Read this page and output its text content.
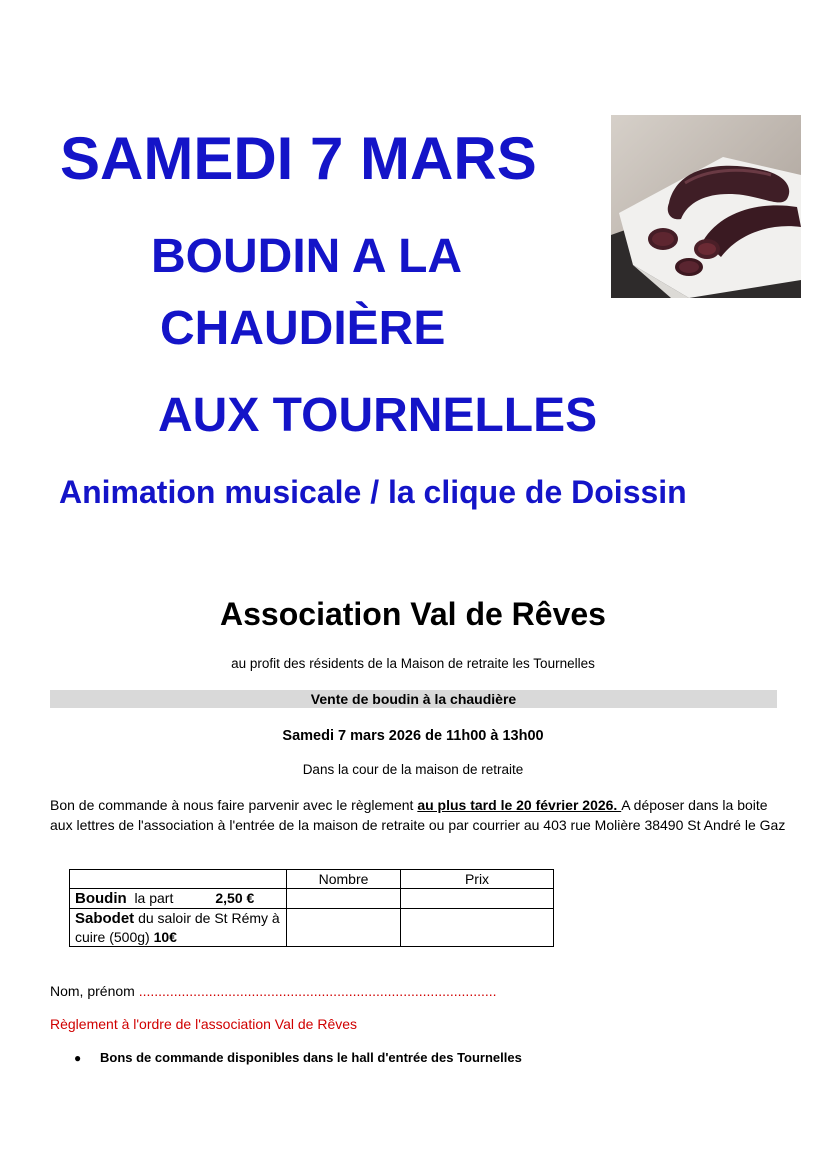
SAMEDI 7 MARS
BOUDIN A LA
CHAUDIÈRE
AUX TOURNELLES
Animation musicale / la clique de Doissin
Association Val de Rêves
au profit des résidents de la Maison de retraite les Tournelles
Vente de boudin à la chaudière
Samedi 7 mars 2026 de 11h00 à 13h00
Dans la cour de la maison de retraite

Bon de commande à nous faire parvenir avec le règlement au plus tard le 20 février 2026. A déposer dans la boite aux lettres de l'association à l'entrée de la maison de retraite ou par courrier au 403 rue Molière 38490 St André le Gaz

	Nombre	Prix
Boudin la part 2,50 €		
Sabodet du saloir de St Rémy à cuire (500g) 10€		
Nom, prénom ............................................................................................
Règlement à l'ordre de l'association Val de Rêves
● Bons de commande disponibles dans le hall d'entrée des Tournelles
